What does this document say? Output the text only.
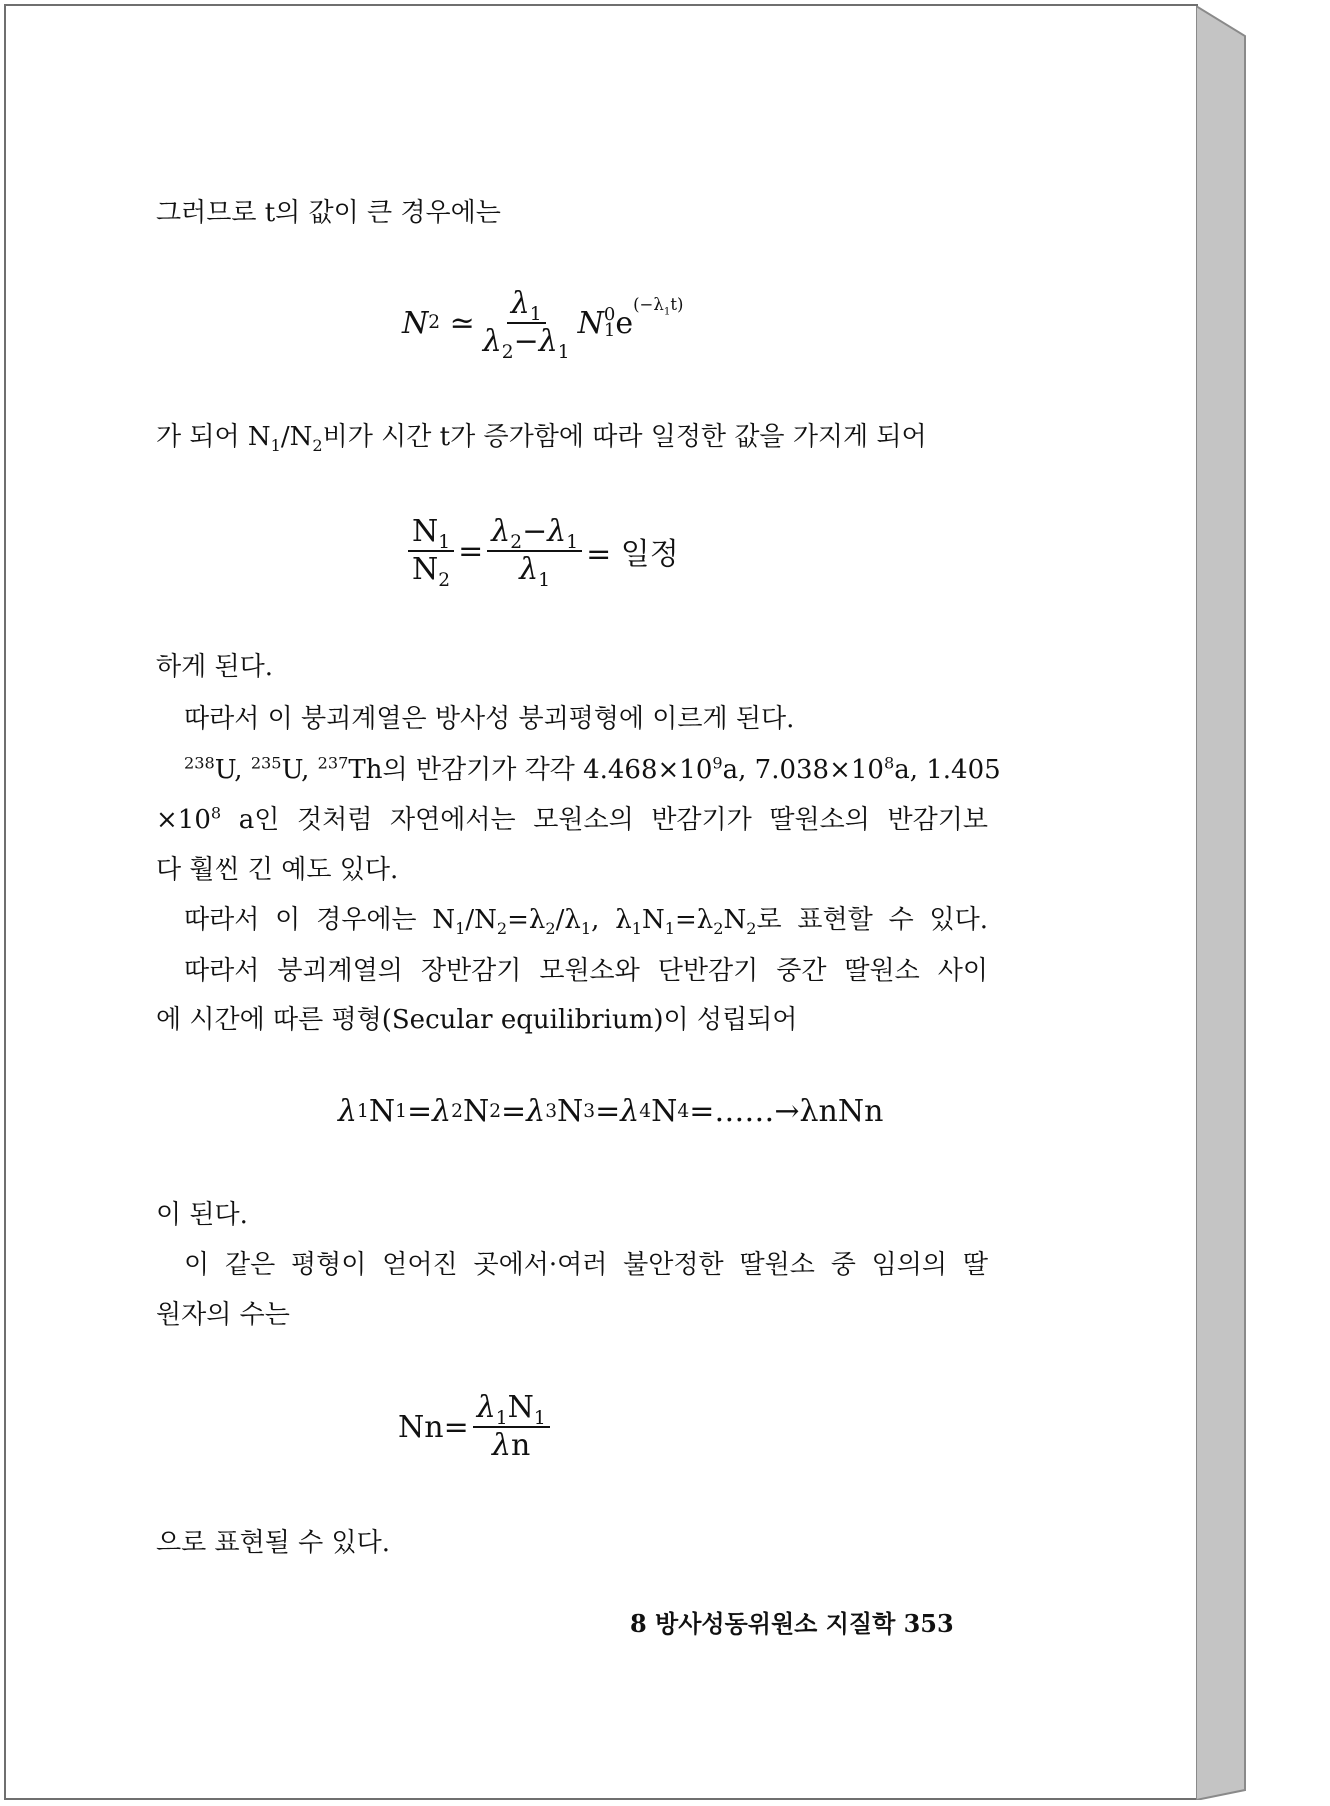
그러므로 t의 값이 큰 경우에는
N 2 ≃ $\frac{\lambda_1}{\lambda_2-\lambda_1}$ N 0
1 e
$^{(-\lambda_1t)}$
가 되어 $N_1/N_2$비가 시간 t가 증가함에 따라 일정한 값을 가지게 되어
$\frac{N_1}{N_2} = \frac{\lambda_2-\lambda_1}{\lambda_1}$ = 일정
하게 된다.
따라서 이 붕괴계열은 방사성 붕괴평형에 이르게 된다.
$^{238}$U, $^{235}$U, $^{237}$Th의 반감기가 각각 $4.468\times 10^9a$, $7.038\times 10^8a$, 1.405
$\times 10^8$ a인 것처럼 자연에서는 모원소의 반감기가 딸원소의 반감기보
다 훨씬 긴 예도 있다.
따라서 이 경우에는 $N_1/N_2=\lambda_2/\lambda_1$, $\lambda_1N_1=\lambda_2N_2$로 표현할 수 있다.
따라서 붕괴계열의 장반감기 모원소와 단반감기 중간 딸원소 사이
에 시간에 따른 평형(Secular equilibrium)이 성립되어
λ 1 N 1 = λ 2 N 2 = λ 3 N 3 = λ 4 N 4 =……→λnNn
이 된다.
이 같은 평형이 얻어진 곳에서·여러 불안정한 딸원소 중 임의의 딸
원자의 수는
$Nn= \frac{\lambda_1N_1}{\lambda n}$
으로 표현될 수 있다.
8 방사성동위원소 지질학 353
